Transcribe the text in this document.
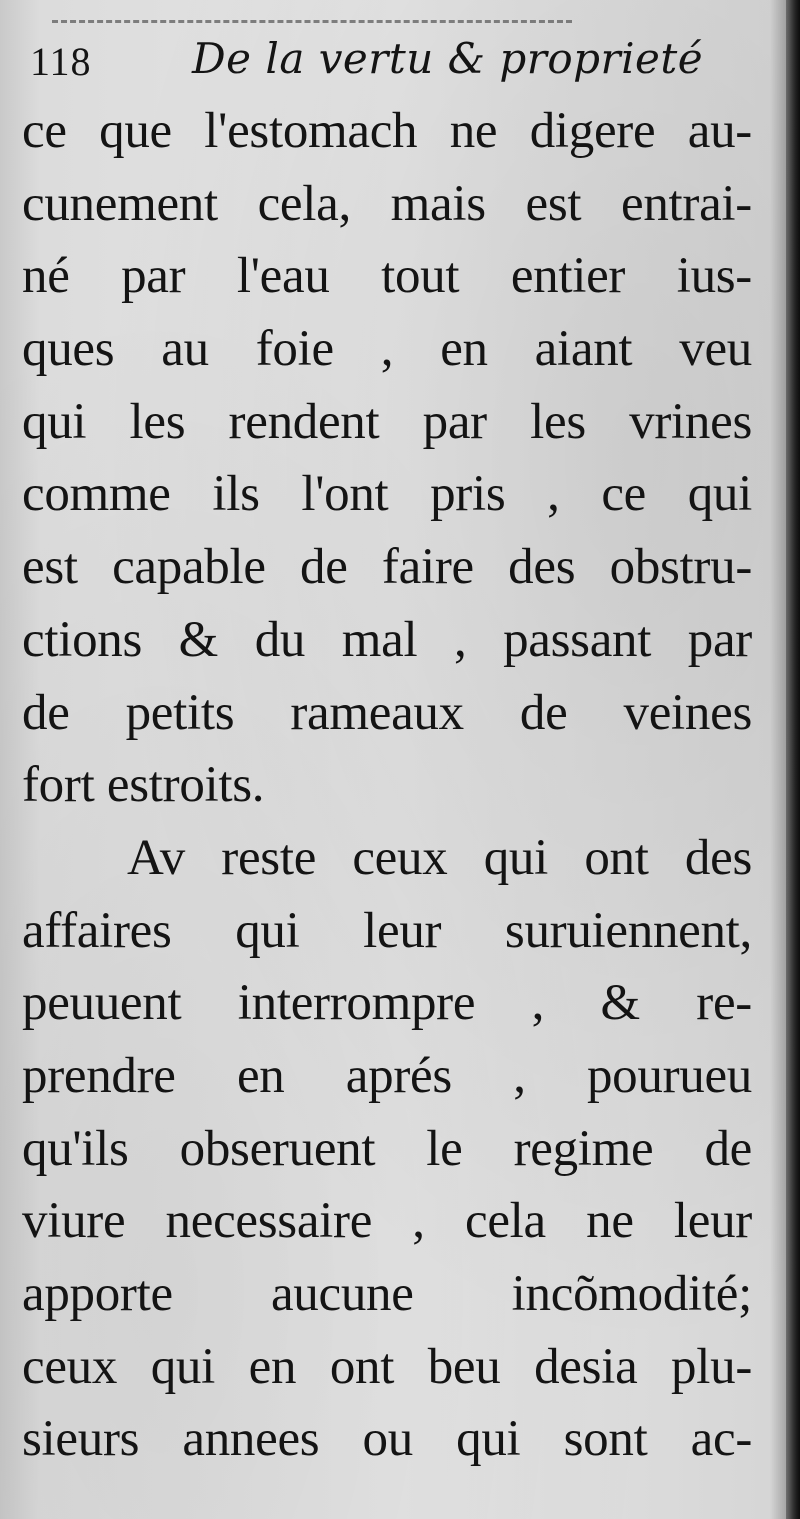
118 De la vertu & proprieté
ce que l'estomach ne digere au-
cunement cela, mais est entrai-
né par l'eau tout entier ius-
ques au foie , en aiant veu
qui les rendent par les vrines
comme ils l'ont pris , ce qui
est capable de faire des obstru-
ctions & du mal , passant par
de petits rameaux de veines
fort estroits.
Av reste ceux qui ont des
affaires qui leur suruiennent,
peuuent interrompre , & re-
prendre en aprés , pourueu
qu'ils obseruent le regime de
viure necessaire , cela ne leur
apporte aucune incõmodité;
ceux qui en ont beu desia plu-
sieurs annees ou qui sont ac-
